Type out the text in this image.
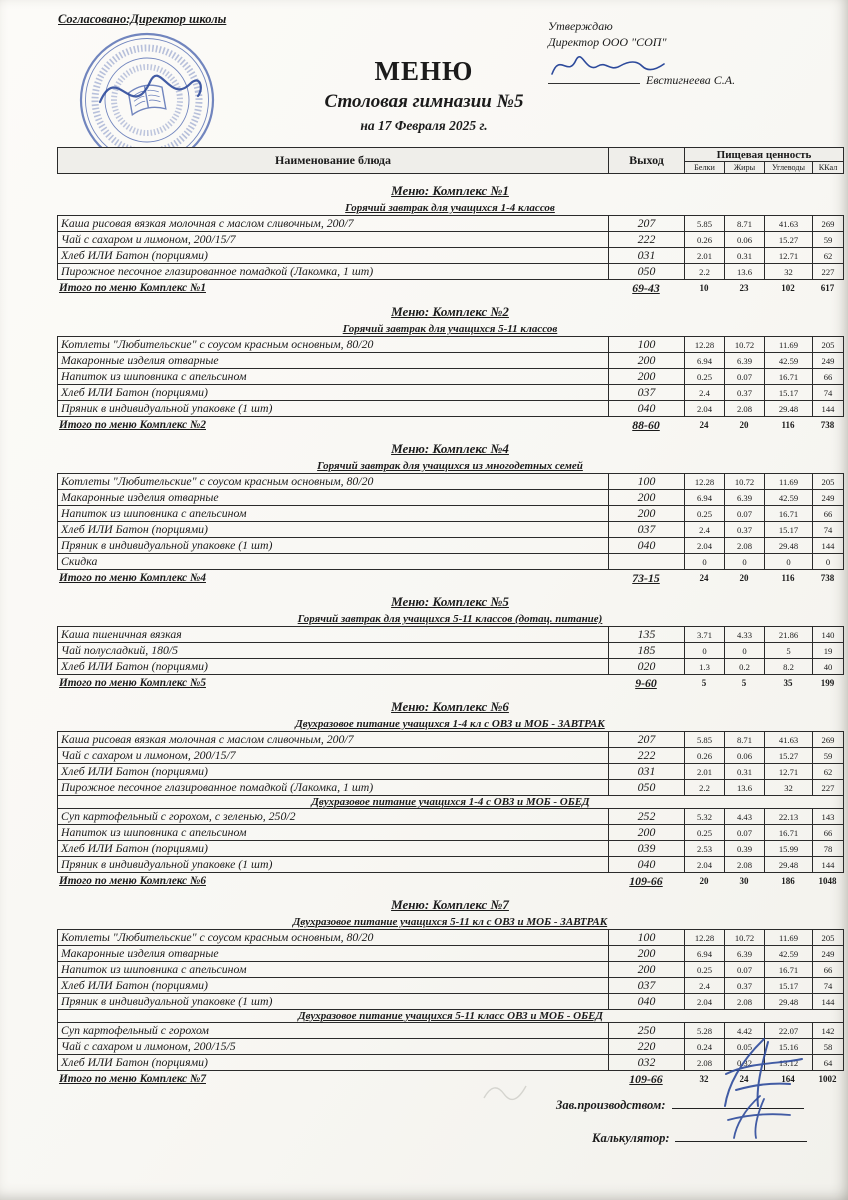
Согласовано:Директор школы	Утверждаю
Директор ООО "СОП"
Евстигнеева С.А.
МЕНЮ
Столовая гимназии №5
на 17 Февраля 2025 г.
Наименование блюда	Выход	Пищевая ценность			
		Белки	Жиры	Углеводы	ККал
Меню: Комплекс №1
Горячий завтрак для учащихся 1-4 классов
Каша рисовая вязкая молочная с маслом сливочным, 200/7	207	5.85	8.71	41.63	269
Чай с сахаром и лимоном, 200/15/7	222	0.26	0.06	15.27	59
Хлеб ИЛИ Батон (порциями)	031	2.01	0.31	12.71	62
Пирожное песочное глазированное помадкой (Лакомка, 1 шт)	050	2.2	13.6	32	227
Итого по меню Комплекс №1	69-43	10	23	102	617
Меню: Комплекс №2
Горячий завтрак для учащихся 5-11 классов
Котлеты "Любительские" с соусом красным основным, 80/20	100	12.28	10.72	11.69	205
Макаронные изделия отварные	200	6.94	6.39	42.59	249
Напиток из шиповника с апельсином	200	0.25	0.07	16.71	66
Хлеб ИЛИ Батон (порциями)	037	2.4	0.37	15.17	74
Пряник в индивидуальной упаковке (1 шт)	040	2.04	2.08	29.48	144
Итого по меню Комплекс №2	88-60	24	20	116	738
Меню: Комплекс №4
Горячий завтрак для учащихся из многодетных семей
Котлеты "Любительские" с соусом красным основным, 80/20	100	12.28	10.72	11.69	205
Макаронные изделия отварные	200	6.94	6.39	42.59	249
Напиток из шиповника с апельсином	200	0.25	0.07	16.71	66
Хлеб ИЛИ Батон (порциями)	037	2.4	0.37	15.17	74
Пряник в индивидуальной упаковке (1 шт)	040	2.04	2.08	29.48	144
Скидка		0	0	0	0
Итого по меню Комплекс №4	73-15	24	20	116	738
Меню: Комплекс №5
Горячий завтрак для учащихся 5-11 классов (дотац. питание)
Каша пшеничная вязкая	135	3.71	4.33	21.86	140
Чай полусладкий, 180/5	185	0	0	5	19
Хлеб ИЛИ Батон (порциями)	020	1.3	0.2	8.2	40
Итого по меню Комплекс №5	9-60	5	5	35	199
Меню: Комплекс №6
Двухразовое питание учащихся 1-4 кл с ОВЗ и МОБ - ЗАВТРАК
Каша рисовая вязкая молочная с маслом сливочным, 200/7	207	5.85	8.71	41.63	269
Чай с сахаром и лимоном, 200/15/7	222	0.26	0.06	15.27	59
Хлеб ИЛИ Батон (порциями)	031	2.01	0.31	12.71	62
Пирожное песочное глазированное помадкой (Лакомка, 1 шт)	050	2.2	13.6	32	227
Двухразовое питание учащихся 1-4 с ОВЗ и МОБ - ОБЕД					
Суп картофельный с горохом, с зеленью, 250/2	252	5.32	4.43	22.13	143
Напиток из шиповника с апельсином	200	0.25	0.07	16.71	66
Хлеб ИЛИ Батон (порциями)	039	2.53	0.39	15.99	78
Пряник в индивидуальной упаковке (1 шт)	040	2.04	2.08	29.48	144
Итого по меню Комплекс №6	109-66	20	30	186	1048
Меню: Комплекс №7
Двухразовое питание учащихся 5-11 кл с ОВЗ и МОБ - ЗАВТРАК
Котлеты "Любительские" с соусом красным основным, 80/20	100	12.28	10.72	11.69	205
Макаронные изделия отварные	200	6.94	6.39	42.59	249
Напиток из шиповника с апельсином	200	0.25	0.07	16.71	66
Хлеб ИЛИ Батон (порциями)	037	2.4	0.37	15.17	74
Пряник в индивидуальной упаковке (1 шт)	040	2.04	2.08	29.48	144
Двухразовое питание учащихся 5-11 класс ОВЗ и МОБ - ОБЕД					
Суп картофельный с горохом	250	5.28	4.42	22.07	142
Чай с сахаром и лимоном, 200/15/5	220	0.24	0.05	15.16	58
Хлеб ИЛИ Батон (порциями)	032	2.08	0.32	13.12	64
Итого по меню Комплекс №7	109-66	32	24	164	1002
Зав.производством:
Калькулятор:
